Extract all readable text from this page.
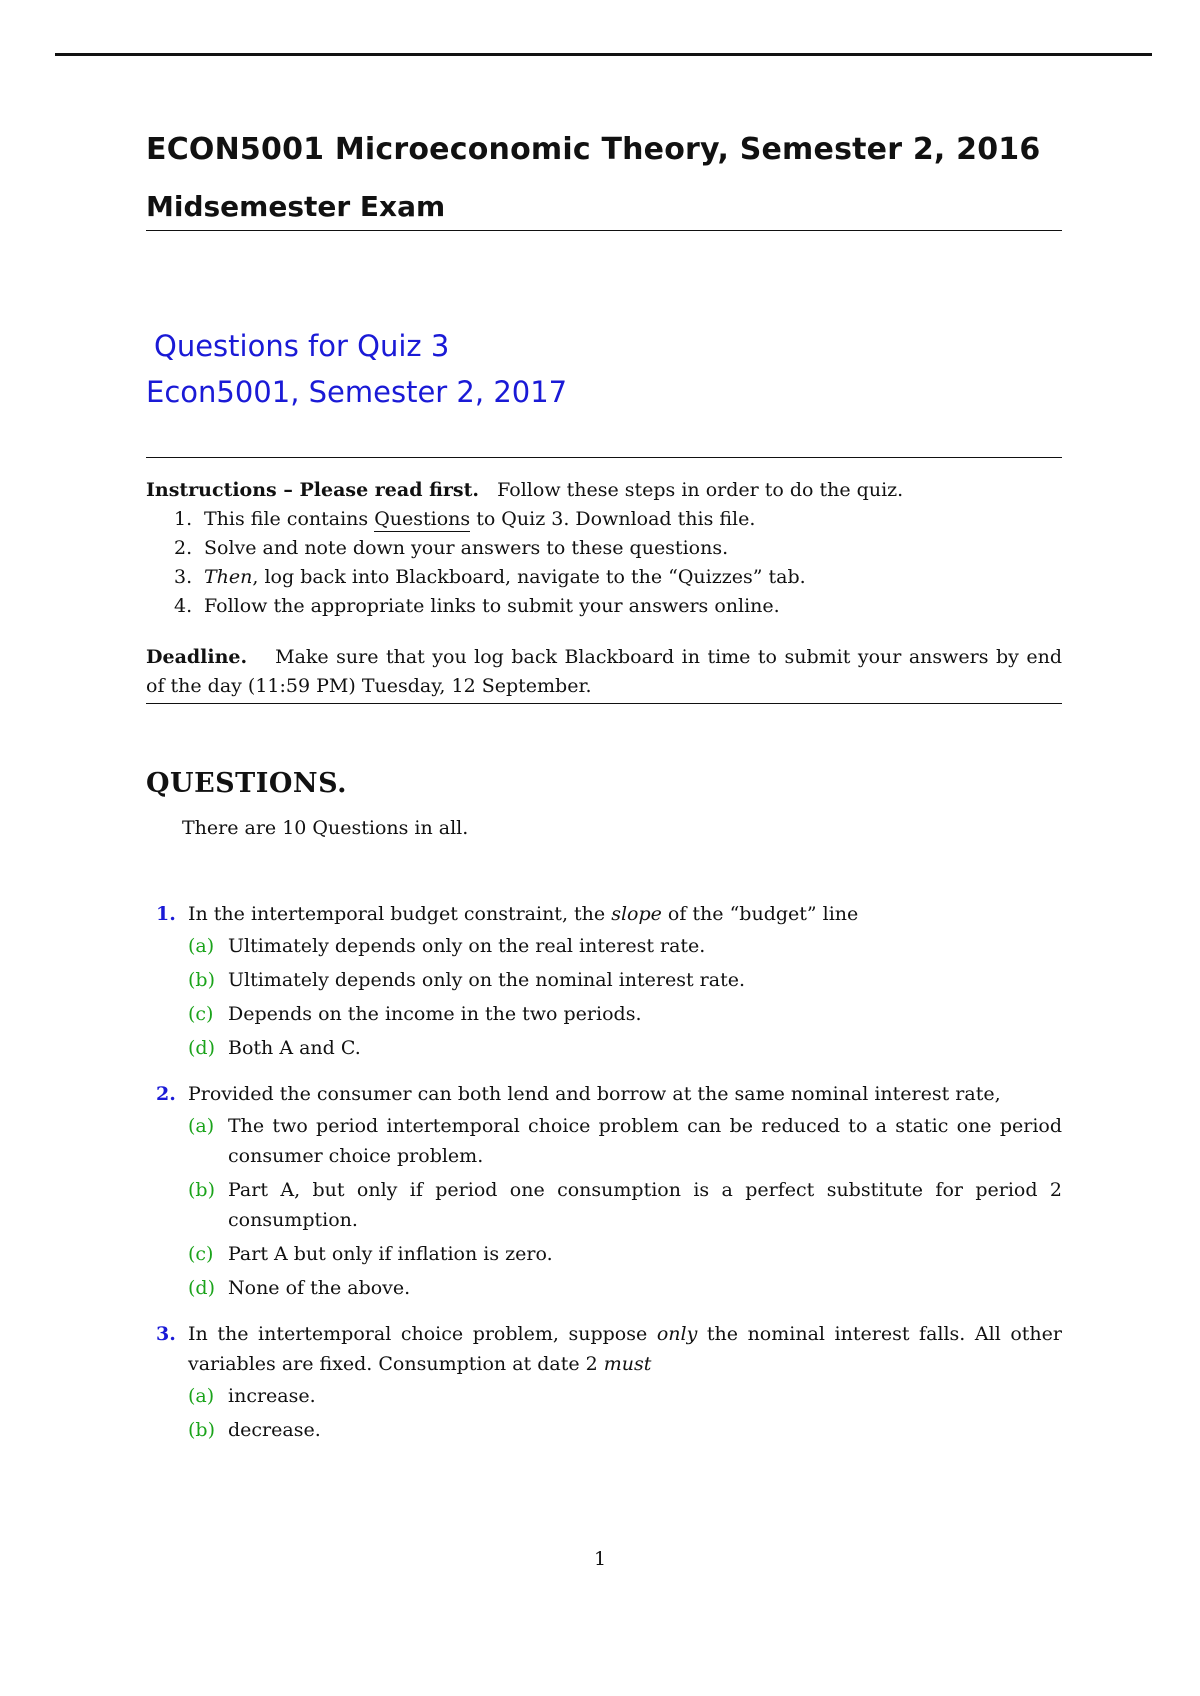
ECON5001 Microeconomic Theory, Semester 2, 2016
Midsemester Exam
Questions for Quiz 3
Econ5001, Semester 2, 2017
Instructions – Please read first. Follow these steps in order to do the quiz.
1. This file contains Questions to Quiz 3. Download this file.
2. Solve and note down your answers to these questions.
3. Then, log back into Blackboard, navigate to the “Quizzes” tab.
4. Follow the appropriate links to submit your answers online.
Deadline. Make sure that you log back Blackboard in time to submit your answers by end of the day (11:59 PM) Tuesday, 12 September.
QUESTIONS.
There are 10 Questions in all.
1. In the intertemporal budget constraint, the slope of the “budget” line
(a) Ultimately depends only on the real interest rate.
(b) Ultimately depends only on the nominal interest rate.
(c) Depends on the income in the two periods.
(d) Both A and C.
2. Provided the consumer can both lend and borrow at the same nominal interest rate,
(a) The two period intertemporal choice problem can be reduced to a static one period consumer choice problem.
(b) Part A, but only if period one consumption is a perfect substitute for period 2 consumption.
(c) Part A but only if inflation is zero.
(d) None of the above.
3. In the intertemporal choice problem, suppose only the nominal interest falls. All other variables are fixed. Consumption at date 2 must
(a) increase.
(b) decrease.
1
